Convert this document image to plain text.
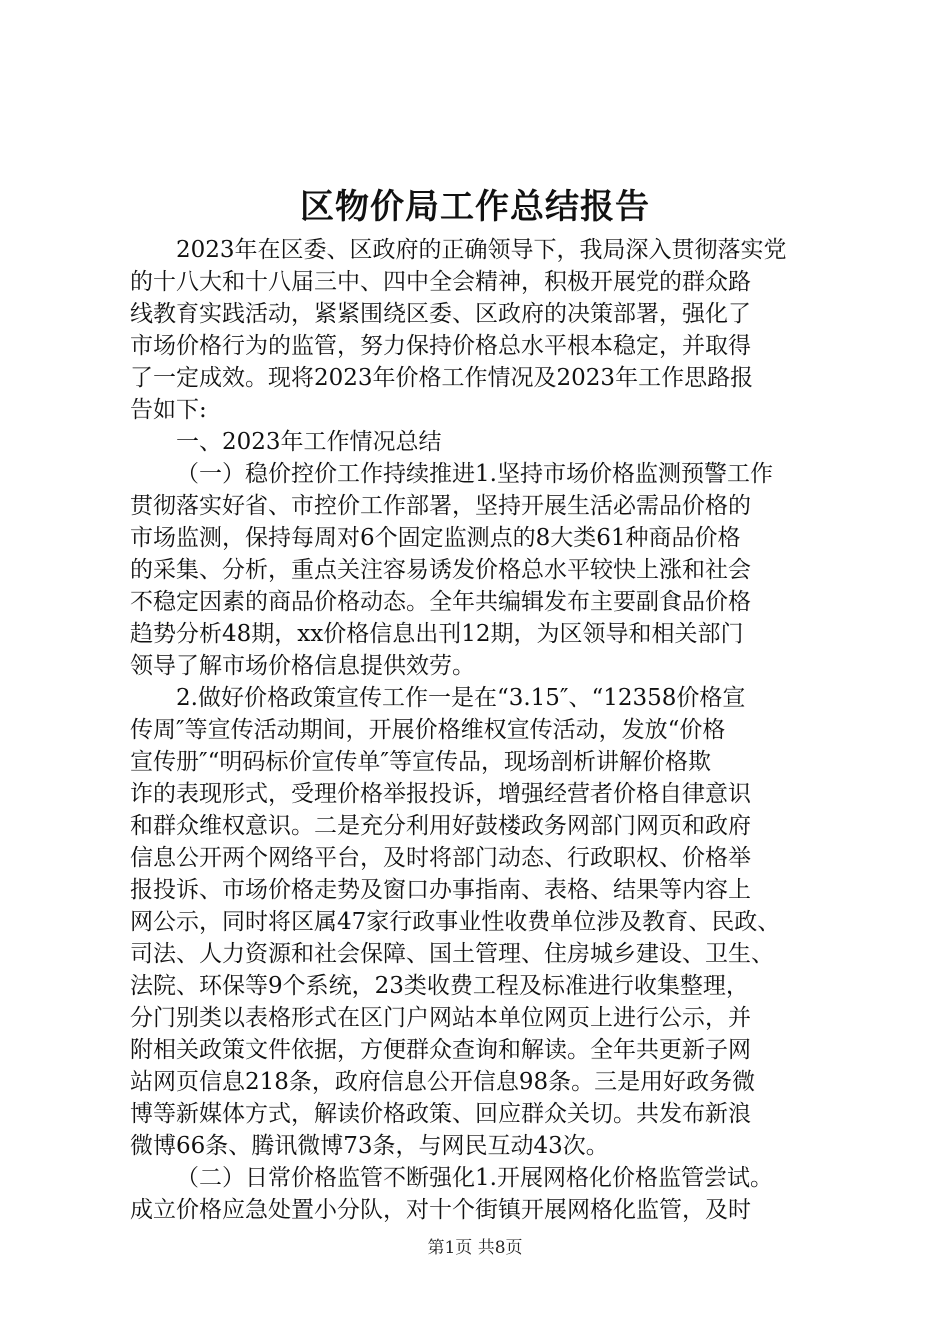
区物价局工作总结报告
2023年在区委、区政府的正确领导下，我局深入贯彻落实党
的十八大和十八届三中、四中全会精神，积极开展党的群众路
线教育实践活动，紧紧围绕区委、区政府的决策部署，强化了
市场价格行为的监管，努力保持价格总水平根本稳定，并取得
了一定成效。现将2023年价格工作情况及2023年工作思路报
告如下:
一、2023年工作情况总结
（一）稳价控价工作持续推进1.坚持市场价格监测预警工作
贯彻落实好省、市控价工作部署，坚持开展生活必需品价格的
市场监测，保持每周对6个固定监测点的8大类61种商品价格
的采集、分析，重点关注容易诱发价格总水平较快上涨和社会
不稳定因素的商品价格动态。全年共编辑发布主要副食品价格
趋势分析48期，xx价格信息出刊12期，为区领导和相关部门
领导了解市场价格信息提供效劳。
2.做好价格政策宣传工作一是在“3.15″、“12358价格宣
传周″等宣传活动期间，开展价格维权宣传活动，发放“价格
宣传册″“明码标价宣传单″等宣传品，现场剖析讲解价格欺
诈的表现形式，受理价格举报投诉，增强经营者价格自律意识
和群众维权意识。二是充分利用好鼓楼政务网部门网页和政府
信息公开两个网络平台，及时将部门动态、行政职权、价格举
报投诉、市场价格走势及窗口办事指南、表格、结果等内容上
网公示，同时将区属47家行政事业性收费单位涉及教育、民政、
司法、人力资源和社会保障、国土管理、住房城乡建设、卫生、
法院、环保等9个系统，23类收费工程及标准进行收集整理，
分门别类以表格形式在区门户网站本单位网页上进行公示，并
附相关政策文件依据，方便群众查询和解读。全年共更新子网
站网页信息218条，政府信息公开信息98条。三是用好政务微
博等新媒体方式，解读价格政策、回应群众关切。共发布新浪
微博66条、腾讯微博73条，与网民互动43次。
（二）日常价格监管不断强化1.开展网格化价格监管尝试。
成立价格应急处置小分队，对十个街镇开展网格化监管，及时
第1页 共8页
